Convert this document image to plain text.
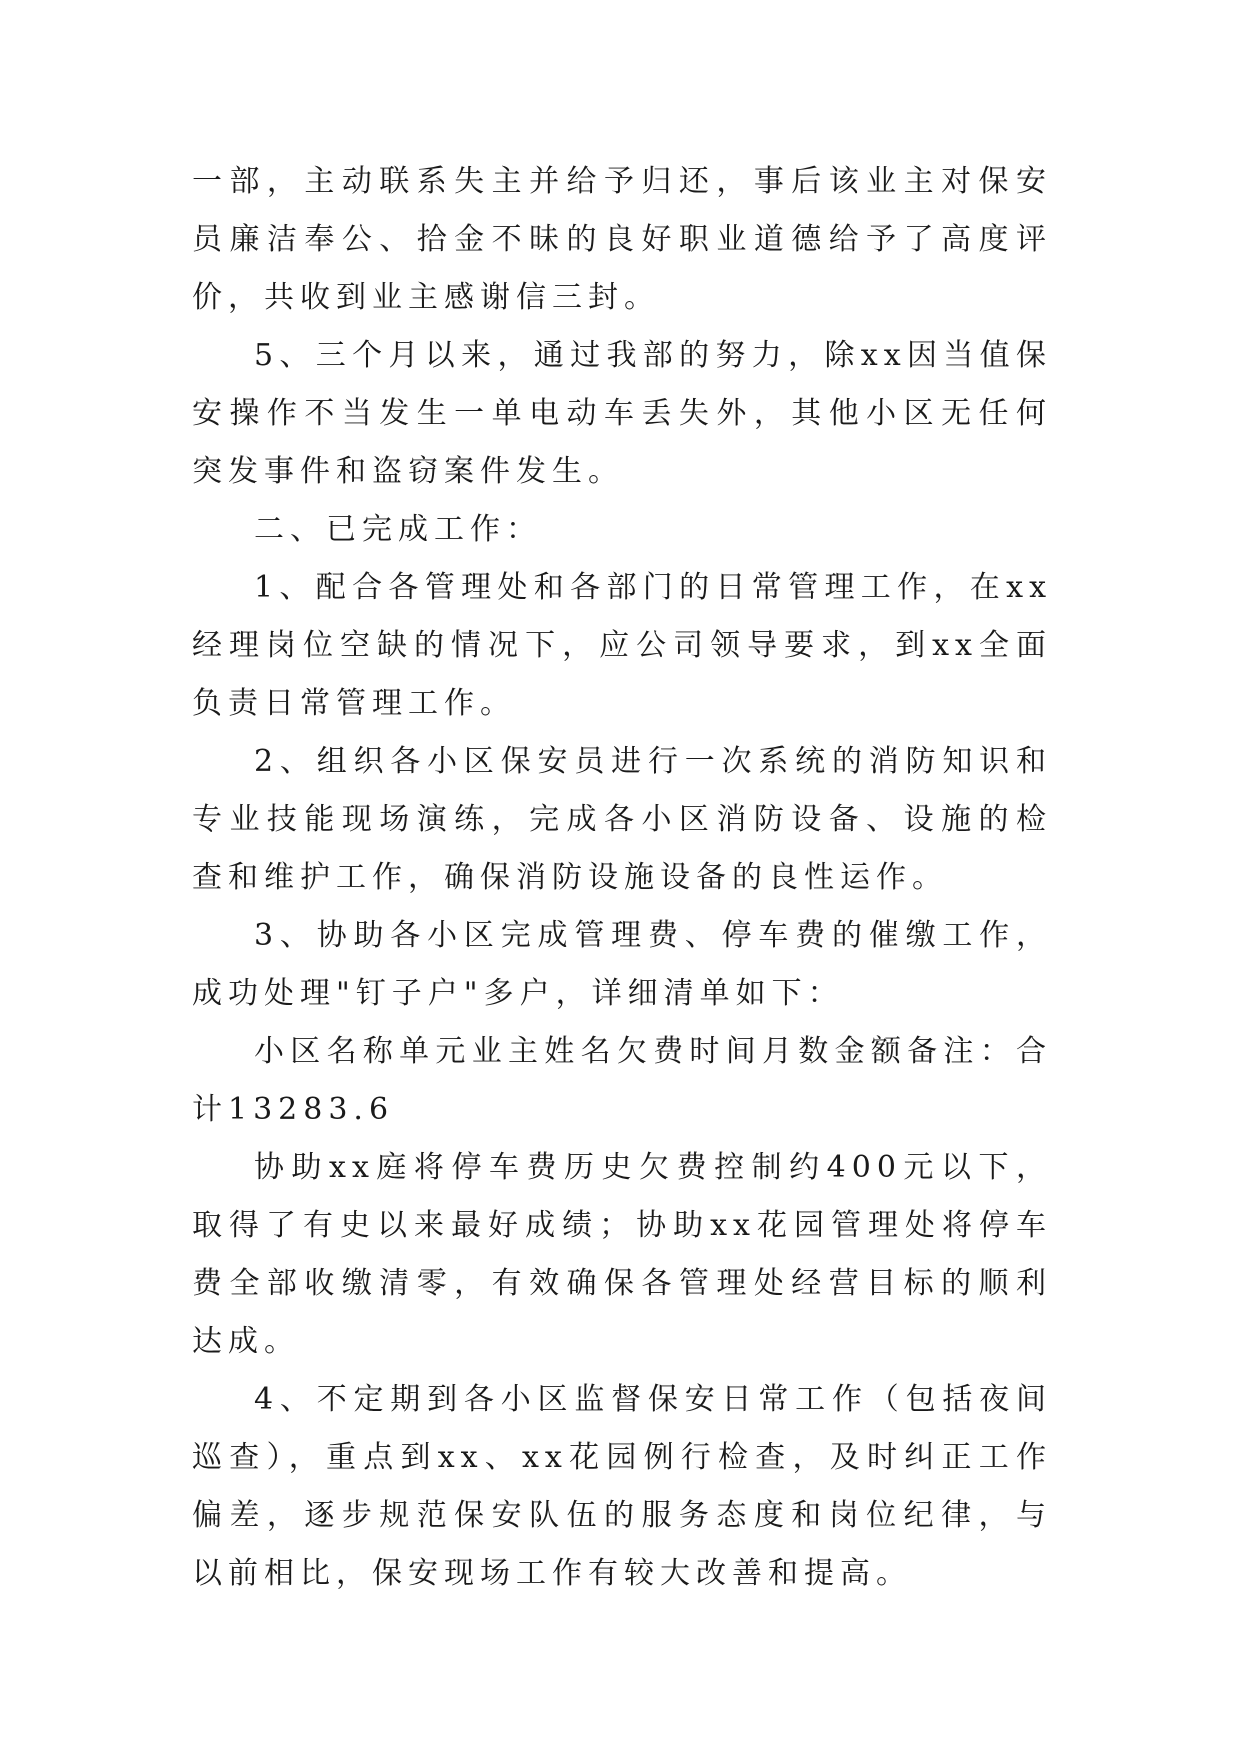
一部，主动联系失主并给予归还，事后该业主对保安员廉洁奉公、拾金不昧的良好职业道德给予了高度评价，共收到业主感谢信三封。

5、三个月以来，通过我部的努力，除xx因当值保安操作不当发生一单电动车丢失外，其他小区无任何突发事件和盗窃案件发生。

二、已完成工作：

1、配合各管理处和各部门的日常管理工作，在xx经理岗位空缺的情况下，应公司领导要求，到xx全面负责日常管理工作。

2、组织各小区保安员进行一次系统的消防知识和专业技能现场演练，完成各小区消防设备、设施的检查和维护工作，确保消防设施设备的良性运作。

3、协助各小区完成管理费、停车费的催缴工作，成功处理"钉子户"多户，详细清单如下：

小区名称单元业主姓名欠费时间月数金额备注：合计13283.6

协助xx庭将停车费历史欠费控制约400元以下，取得了有史以来最好成绩；协助xx花园管理处将停车费全部收缴清零，有效确保各管理处经营目标的顺利达成。

4、不定期到各小区监督保安日常工作（包括夜间巡查），重点到xx、xx花园例行检查，及时纠正工作偏差，逐步规范保安队伍的服务态度和岗位纪律，与以前相比，保安现场工作有较大改善和提高。
